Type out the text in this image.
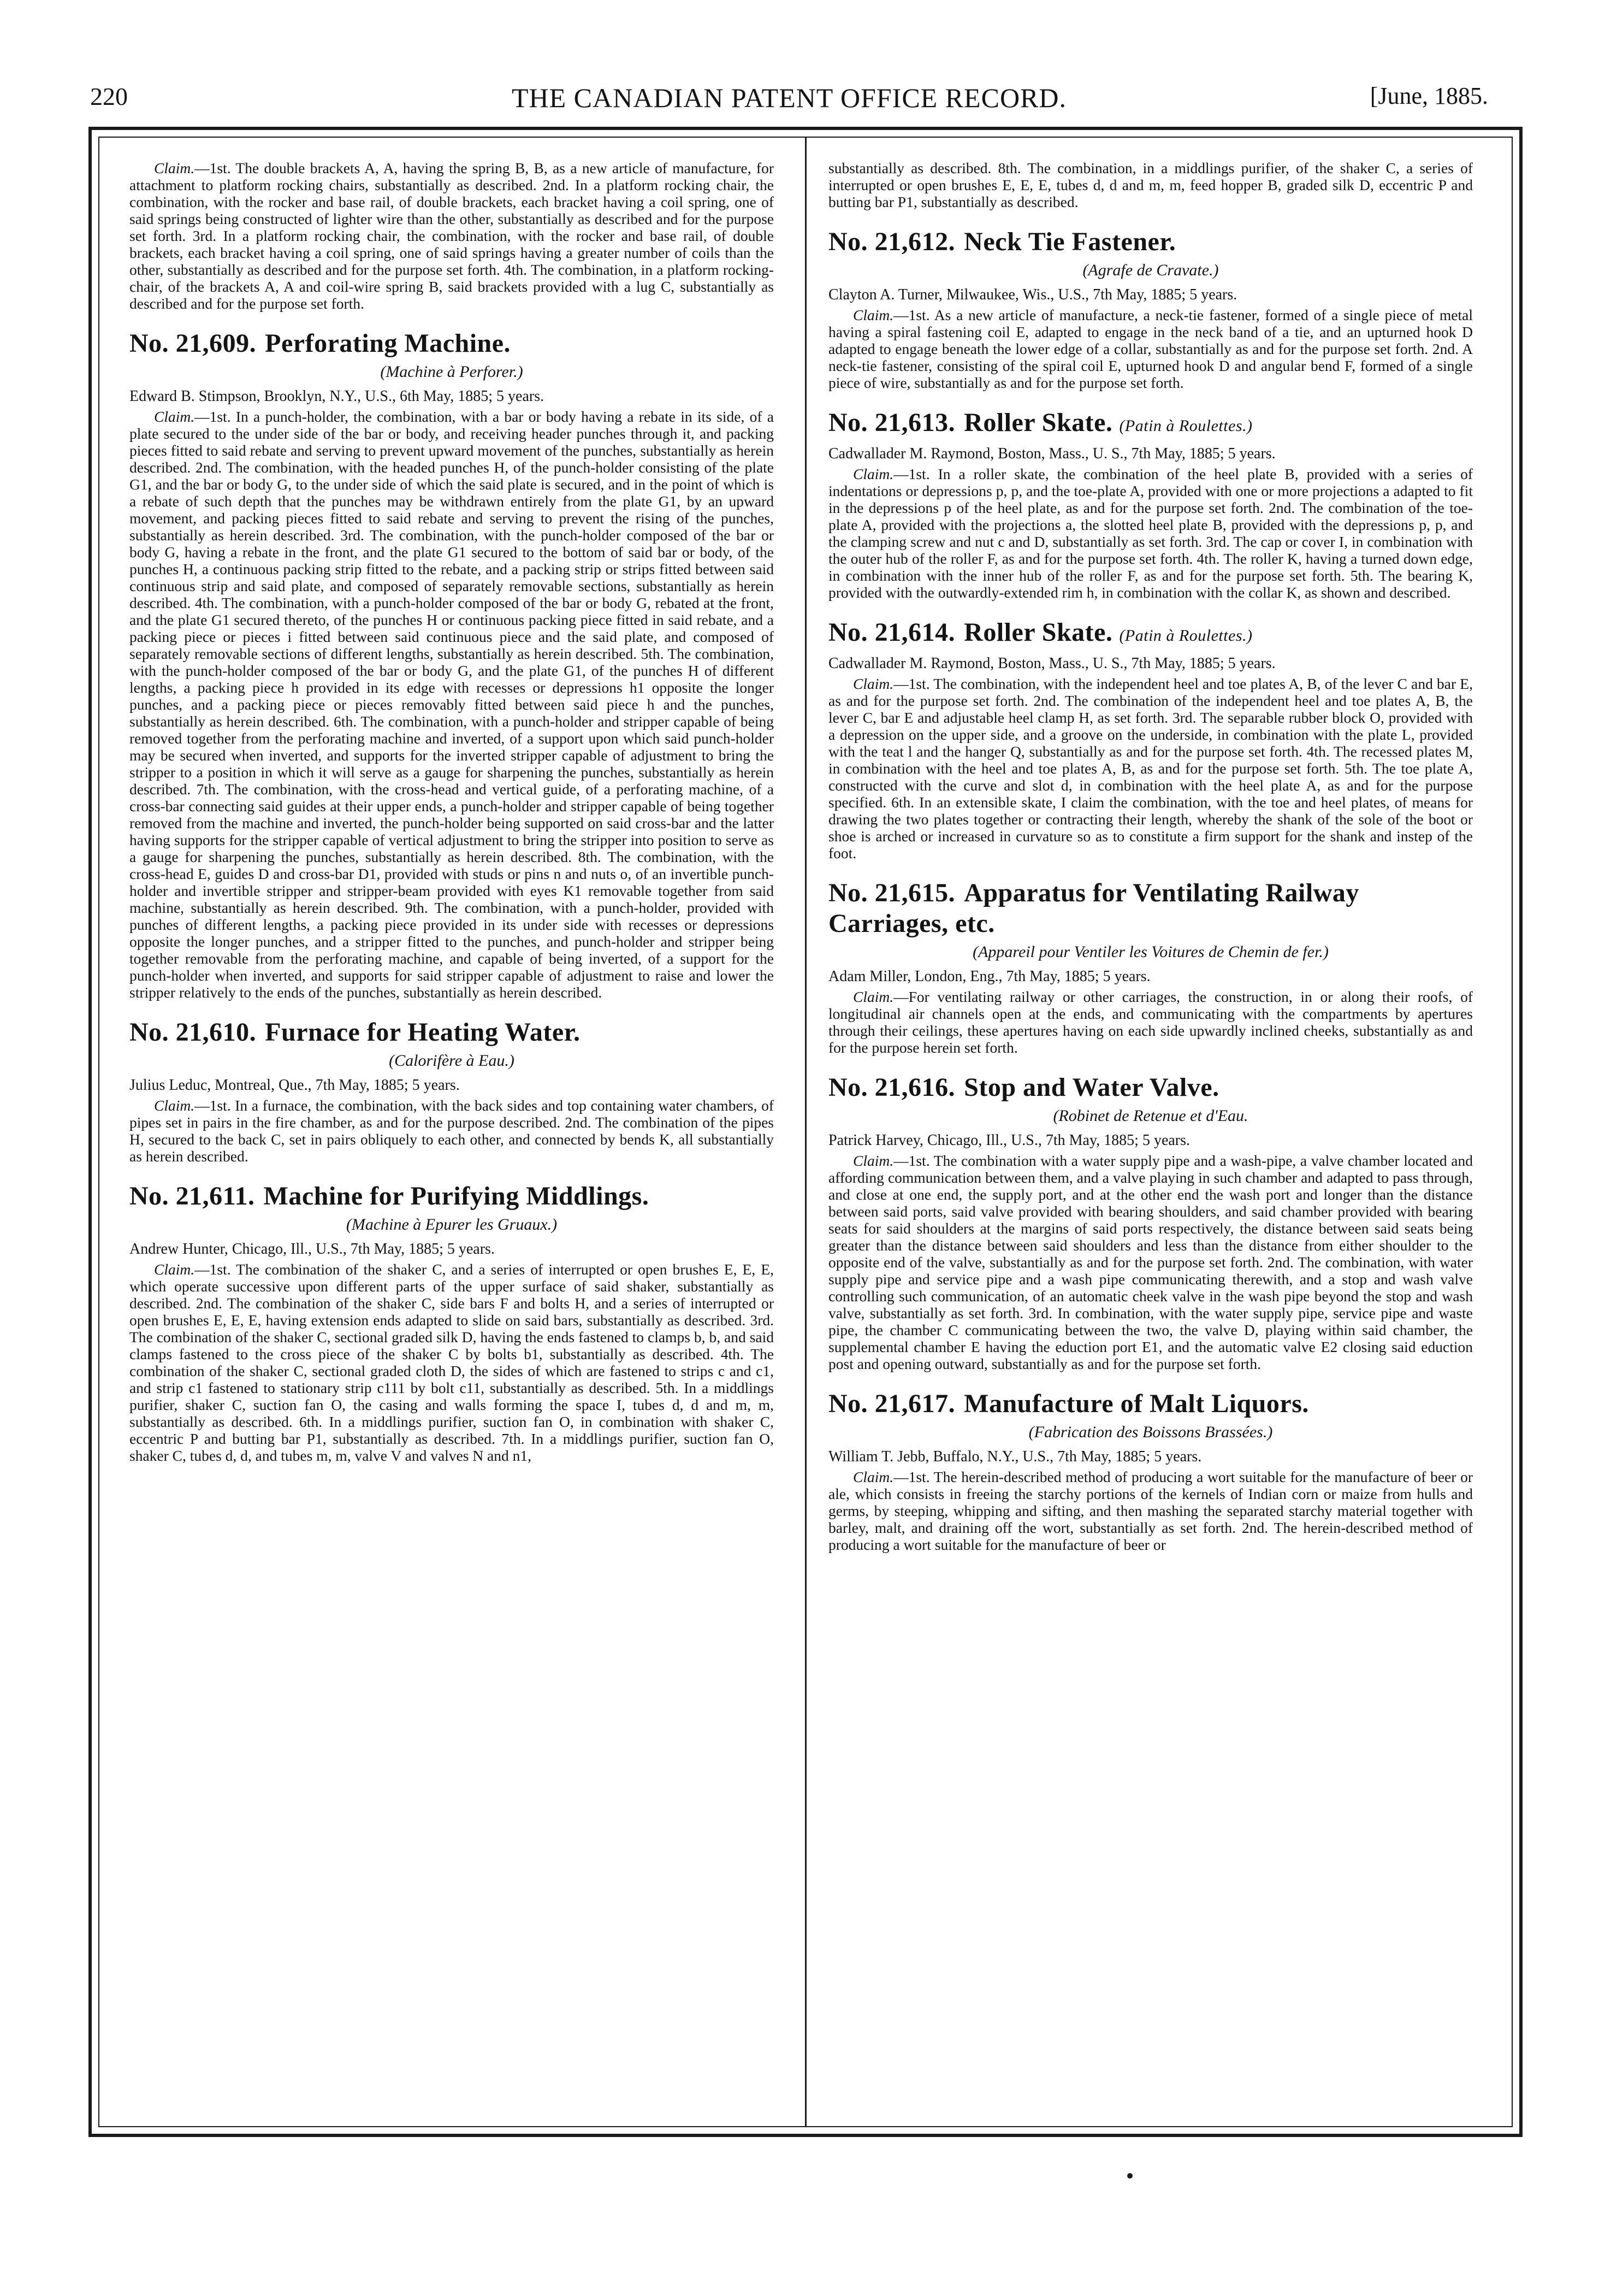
220	THE CANADIAN PATENT OFFICE RECORD.	[June, 1885.

Claim.—1st. The double brackets A, A, having the spring B, B, as a new article of manufacture, for attachment to platform rocking chairs, substantially as described. 2nd. In a platform rocking chair, the combination, with the rocker and base rail, of double brackets, each bracket having a coil spring, one of said springs being constructed of lighter wire than the other, substantially as described and for the purpose set forth. 3rd. In a platform rocking chair, the combination, with the rocker and base rail, of double brackets, each bracket having a coil spring, one of said springs having a greater number of coils than the other, substantially as described and for the purpose set forth. 4th. The combination, in a platform rocking-chair, of the brackets A, A and coil-wire spring B, said brackets provided with a lug C, substantially as described and for the purpose set forth.

No. 21,609. Perforating Machine.

(Machine à Perforer.)

Edward B. Stimpson, Brooklyn, N.Y., U.S., 6th May, 1885; 5 years.

Claim.—1st. In a punch-holder, the combination, with a bar or body having a rebate in its side, of a plate secured to the under side of the bar or body, and receiving header punches through it, and packing pieces fitted to said rebate and serving to prevent upward movement of the punches, substantially as herein described. 2nd. The combination, with the headed punches H, of the punch-holder consisting of the plate G1, and the bar or body G, to the under side of which the said plate is secured, and in the point of which is a rebate of such depth that the punches may be withdrawn entirely from the plate G1, by an upward movement, and packing pieces fitted to said rebate and serving to prevent the rising of the punches, substantially as herein described. 3rd. The combination, with the punch-holder composed of the bar or body G, having a rebate in the front, and the plate G1 secured to the bottom of said bar or body, of the punches H, a continuous packing strip fitted to the rebate, and a packing strip or strips fitted between said continuous strip and said plate, and composed of separately removable sections, substantially as herein described. 4th. The combination, with a punch-holder composed of the bar or body G, rebated at the front, and the plate G1 secured thereto, of the punches H or continuous packing piece fitted in said rebate, and a packing piece or pieces i fitted between said continuous piece and the said plate, and composed of separately removable sections of different lengths, substantially as herein described. 5th. The combination, with the punch-holder composed of the bar or body G, and the plate G1, of the punches H of different lengths, a packing piece h provided in its edge with recesses or depressions h1 opposite the longer punches, and a packing piece or pieces removably fitted between said piece h and the punches, substantially as herein described. 6th. The combination, with a punch-holder and stripper capable of being removed together from the perforating machine and inverted, of a support upon which said punch-holder may be secured when inverted, and supports for the inverted stripper capable of adjustment to bring the stripper to a position in which it will serve as a gauge for sharpening the punches, substantially as herein described. 7th. The combination, with the cross-head and vertical guide, of a perforating machine, of a cross-bar connecting said guides at their upper ends, a punch-holder and stripper capable of being together removed from the machine and inverted, the punch-holder being supported on said cross-bar and the latter having supports for the stripper capable of vertical adjustment to bring the stripper into position to serve as a gauge for sharpening the punches, substantially as herein described. 8th. The combination, with the cross-head E, guides D and cross-bar D1, provided with studs or pins n and nuts o, of an invertible punch-holder and invertible stripper and stripper-beam provided with eyes K1 removable together from said machine, substantially as herein described. 9th. The combination, with a punch-holder, provided with punches of different lengths, a packing piece provided in its under side with recesses or depressions opposite the longer punches, and a stripper fitted to the punches, and punch-holder and stripper being together removable from the perforating machine, and capable of being inverted, of a support for the punch-holder when inverted, and supports for said stripper capable of adjustment to raise and lower the stripper relatively to the ends of the punches, substantially as herein described.

No. 21,610. Furnace for Heating Water.

(Calorifère à Eau.)

Julius Leduc, Montreal, Que., 7th May, 1885; 5 years.

Claim.—1st. In a furnace, the combination, with the back sides and top containing water chambers, of pipes set in pairs in the fire chamber, as and for the purpose described. 2nd. The combination of the pipes H, secured to the back C, set in pairs obliquely to each other, and connected by bends K, all substantially as herein described.

No. 21,611. Machine for Purifying Middlings.

(Machine à Epurer les Gruaux.)

Andrew Hunter, Chicago, Ill., U.S., 7th May, 1885; 5 years.

Claim.—1st. The combination of the shaker C, and a series of interrupted or open brushes E, E, E, which operate successive upon different parts of the upper surface of said shaker, substantially as described. 2nd. The combination of the shaker C, side bars F and bolts H, and a series of interrupted or open brushes E, E, E, having extension ends adapted to slide on said bars, substantially as described. 3rd. The combination of the shaker C, sectional graded silk D, having the ends fastened to clamps b, b, and said clamps fastened to the cross piece of the shaker C by bolts b1, substantially as described. 4th. The combination of the shaker C, sectional graded cloth D, the sides of which are fastened to strips c and c1, and strip c1 fastened to stationary strip c111 by bolt c11, substantially as described. 5th. In a middlings purifier, shaker C, suction fan O, the casing and walls forming the space I, tubes d, d and m, m, substantially as described. 6th. In a middlings purifier, suction fan O, in combination with shaker C, eccentric P and butting bar P1, substantially as described. 7th. In a middlings purifier, suction fan O, shaker C, tubes d, d, and tubes m, m, valve V and valves N and n1,

substantially as described. 8th. The combination, in a middlings purifier, of the shaker C, a series of interrupted or open brushes E, E, E, tubes d, d and m, m, feed hopper B, graded silk D, eccentric P and butting bar P1, substantially as described.

No. 21,612. Neck Tie Fastener.

(Agrafe de Cravate.)

Clayton A. Turner, Milwaukee, Wis., U.S., 7th May, 1885; 5 years.

Claim.—1st. As a new article of manufacture, a neck-tie fastener, formed of a single piece of metal having a spiral fastening coil E, adapted to engage in the neck band of a tie, and an upturned hook D adapted to engage beneath the lower edge of a collar, substantially as and for the purpose set forth. 2nd. A neck-tie fastener, consisting of the spiral coil E, upturned hook D and angular bend F, formed of a single piece of wire, substantially as and for the purpose set forth.

No. 21,613. Roller Skate. (Patin à Roulettes.)

Cadwallader M. Raymond, Boston, Mass., U. S., 7th May, 1885; 5 years.

Claim.—1st. In a roller skate, the combination of the heel plate B, provided with a series of indentations or depressions p, p, and the toe-plate A, provided with one or more projections a adapted to fit in the depressions p of the heel plate, as and for the purpose set forth. 2nd. The combination of the toe-plate A, provided with the projections a, the slotted heel plate B, provided with the depressions p, p, and the clamping screw and nut c and D, substantially as set forth. 3rd. The cap or cover I, in combination with the outer hub of the roller F, as and for the purpose set forth. 4th. The roller K, having a turned down edge, in combination with the inner hub of the roller F, as and for the purpose set forth. 5th. The bearing K, provided with the outwardly-extended rim h, in combination with the collar K, as shown and described.

No. 21,614. Roller Skate. (Patin à Roulettes.)

Cadwallader M. Raymond, Boston, Mass., U. S., 7th May, 1885; 5 years.

Claim.—1st. The combination, with the independent heel and toe plates A, B, of the lever C and bar E, as and for the purpose set forth. 2nd. The combination of the independent heel and toe plates A, B, the lever C, bar E and adjustable heel clamp H, as set forth. 3rd. The separable rubber block O, provided with a depression on the upper side, and a groove on the underside, in combination with the plate L, provided with the teat l and the hanger Q, substantially as and for the purpose set forth. 4th. The recessed plates M, in combination with the heel and toe plates A, B, as and for the purpose set forth. 5th. The toe plate A, constructed with the curve and slot d, in combination with the heel plate A, as and for the purpose specified. 6th. In an extensible skate, I claim the combination, with the toe and heel plates, of means for drawing the two plates together or contracting their length, whereby the shank of the sole of the boot or shoe is arched or increased in curvature so as to constitute a firm support for the shank and instep of the foot.

No. 21,615. Apparatus for Ventilating Railway Carriages, etc.

(Appareil pour Ventiler les Voitures de Chemin de fer.)

Adam Miller, London, Eng., 7th May, 1885; 5 years.

Claim.—For ventilating railway or other carriages, the construction, in or along their roofs, of longitudinal air channels open at the ends, and communicating with the compartments by apertures through their ceilings, these apertures having on each side upwardly inclined cheeks, substantially as and for the purpose herein set forth.

No. 21,616. Stop and Water Valve.

(Robinet de Retenue et d'Eau.

Patrick Harvey, Chicago, Ill., U.S., 7th May, 1885; 5 years.

Claim.—1st. The combination with a water supply pipe and a wash-pipe, a valve chamber located and affording communication between them, and a valve playing in such chamber and adapted to pass through, and close at one end, the supply port, and at the other end the wash port and longer than the distance between said ports, said valve provided with bearing shoulders, and said chamber provided with bearing seats for said shoulders at the margins of said ports respectively, the distance between said seats being greater than the distance between said shoulders and less than the distance from either shoulder to the opposite end of the valve, substantially as and for the purpose set forth. 2nd. The combination, with water supply pipe and service pipe and a wash pipe communicating therewith, and a stop and wash valve controlling such communication, of an automatic cheek valve in the wash pipe beyond the stop and wash valve, substantially as set forth. 3rd. In combination, with the water supply pipe, service pipe and waste pipe, the chamber C communicating between the two, the valve D, playing within said chamber, the supplemental chamber E having the eduction port E1, and the automatic valve E2 closing said eduction post and opening outward, substantially as and for the purpose set forth.

No. 21,617. Manufacture of Malt Liquors.

(Fabrication des Boissons Brassées.)

William T. Jebb, Buffalo, N.Y., U.S., 7th May, 1885; 5 years.

Claim.—1st. The herein-described method of producing a wort suitable for the manufacture of beer or ale, which consists in freeing the starchy portions of the kernels of Indian corn or maize from hulls and germs, by steeping, whipping and sifting, and then mashing the separated starchy material together with barley, malt, and draining off the wort, substantially as set forth. 2nd. The herein-described method of producing a wort suitable for the manufacture of beer or
